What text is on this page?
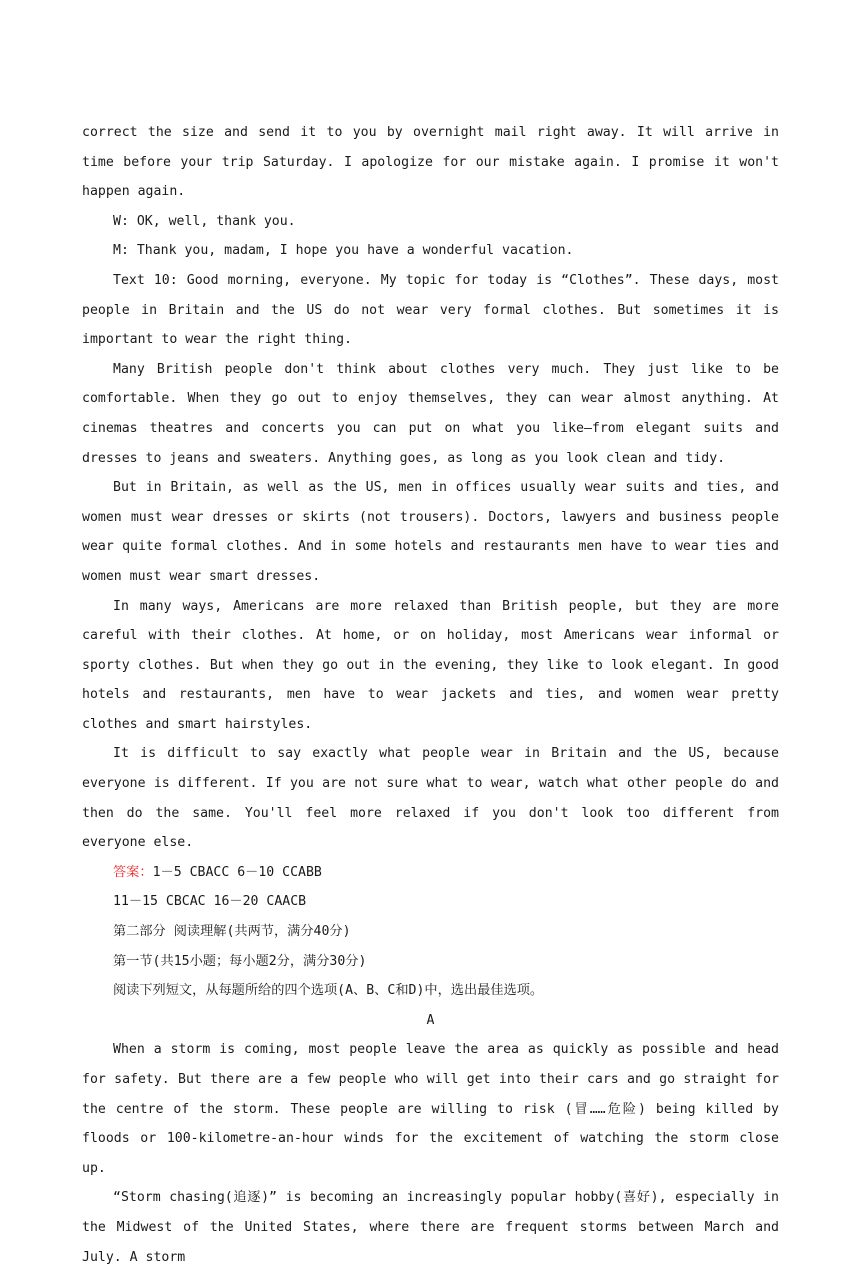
correct the size and send it to you by overnight mail right away. It will arrive in time before your trip Saturday. I apologize for our mistake again. I promise it won't happen again.

W: OK, well, thank you.

M: Thank you, madam, I hope you have a wonderful vacation.

Text 10: Good morning, everyone. My topic for today is “Clothes”. These days, most people in Britain and the US do not wear very formal clothes. But sometimes it is important to wear the right thing.

Many British people don't think about clothes very much. They just like to be comfortable. When they go out to enjoy themselves, they can wear almost anything. At cinemas theatres and concerts you can put on what you like—from elegant suits and dresses to jeans and sweaters. Anything goes, as long as you look clean and tidy.

But in Britain, as well as the US, men in offices usually wear suits and ties, and women must wear dresses or skirts (not trousers). Doctors, lawyers and business people wear quite formal clothes. And in some hotels and restaurants men have to wear ties and women must wear smart dresses.

In many ways, Americans are more relaxed than British people, but they are more careful with their clothes. At home, or on holiday, most Americans wear informal or sporty clothes. But when they go out in the evening, they like to look elegant. In good hotels and restaurants, men have to wear jackets and ties, and women wear pretty clothes and smart hairstyles.

It is difficult to say exactly what people wear in Britain and the US, because everyone is different. If you are not sure what to wear, watch what other people do and then do the same. You'll feel more relaxed if you don't look too different from everyone else.

答案：1－5 CBACC 6－10 CCABB

11－15 CBCAC 16－20 CAACB

第二部分 阅读理解(共两节，满分40分)

第一节(共15小题；每小题2分，满分30分)

阅读下列短文，从每题所给的四个选项(A、B、C和D)中，选出最佳选项。

A

When a storm is coming, most people leave the area as quickly as possible and head for safety. But there are a few people who will get into their cars and go straight for the centre of the storm. These people are willing to risk (冒……危险) being killed by floods or 100-kilometre-an-hour winds for the excitement of watching the storm close up.

“Storm chasing(追逐)” is becoming an increasingly popular hobby(喜好), especially in the Midwest of the United States, where there are frequent storms between March and July. A storm
